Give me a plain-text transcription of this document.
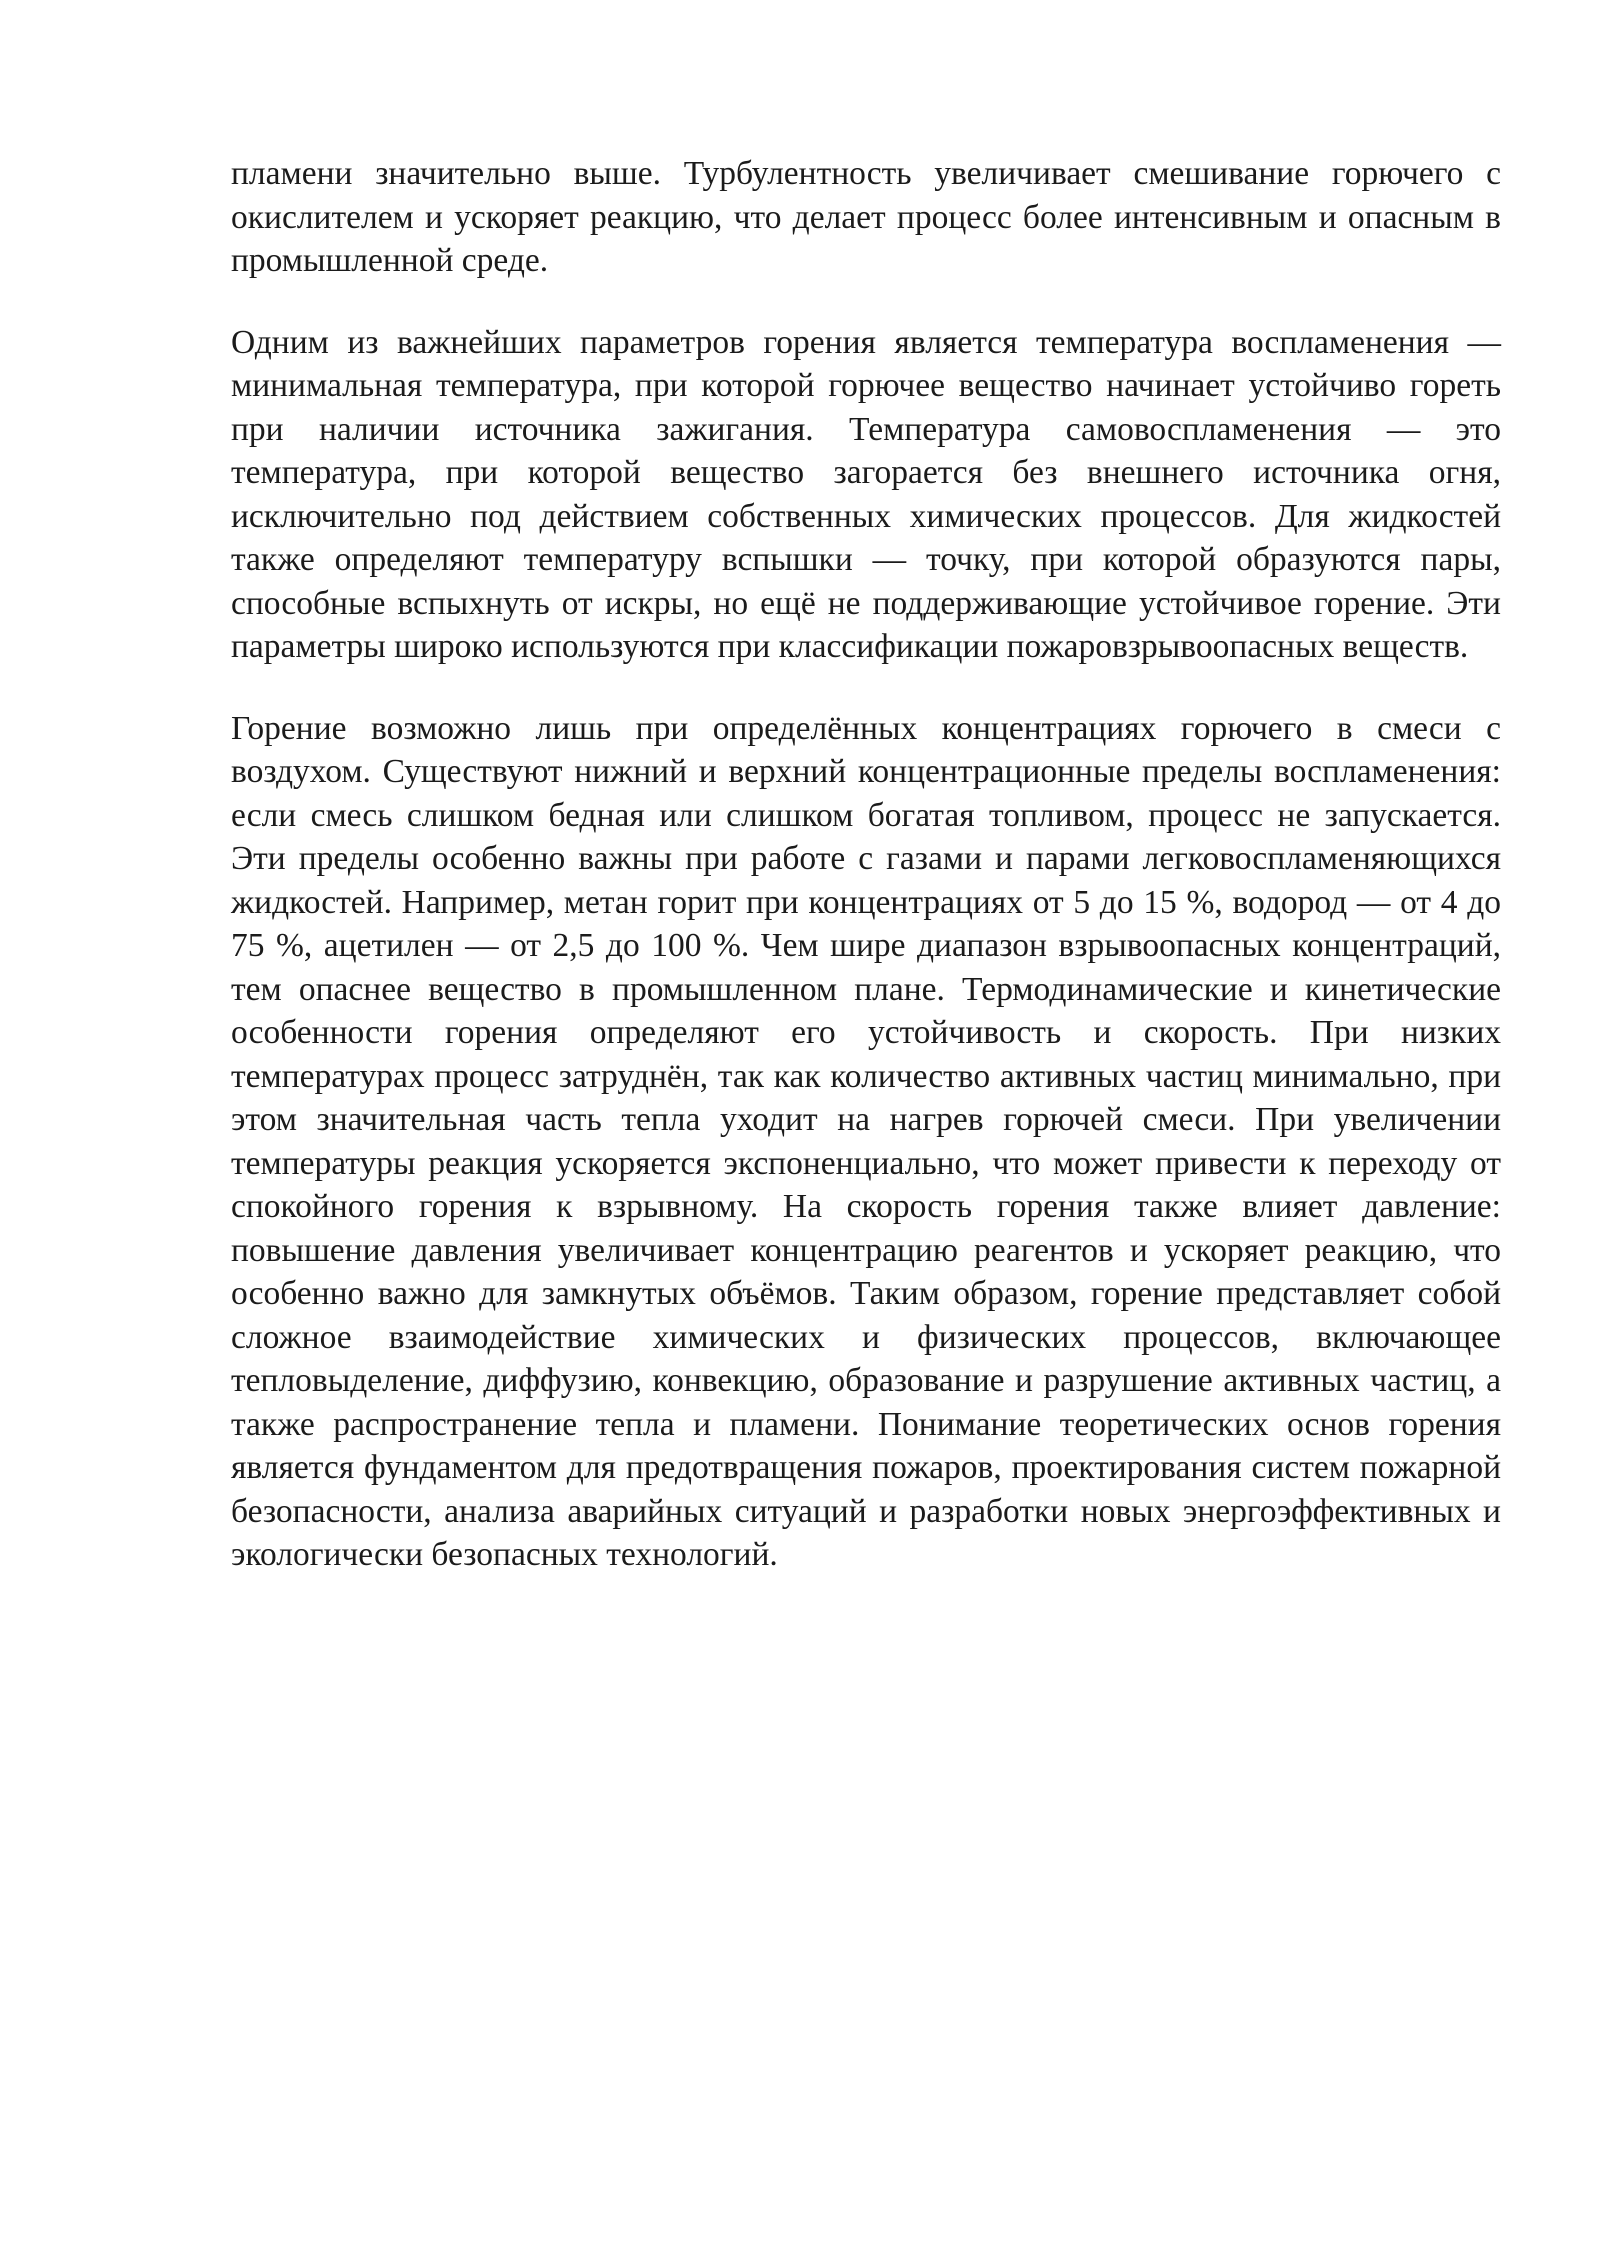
пламени значительно выше. Турбулентность увеличивает смешивание горючего с окислителем и ускоряет реакцию, что делает процесс более интенсивным и опасным в промышленной среде.

Одним из важнейших параметров горения является температура воспламенения — минимальная температура, при которой горючее вещество начинает устойчиво гореть при наличии источника зажигания. Температура самовоспламенения — это температура, при которой вещество загорается без внешнего источника огня, исключительно под действием собственных химических процессов. Для жидкостей также определяют температуру вспышки — точку, при которой образуются пары, способные вспыхнуть от искры, но ещё не поддерживающие устойчивое горение. Эти параметры широко используются при классификации пожаровзрывоопасных веществ.

Горение возможно лишь при определённых концентрациях горючего в смеси с воздухом. Существуют нижний и верхний концентрационные пределы воспламенения: если смесь слишком бедная или слишком богатая топливом, процесс не запускается. Эти пределы особенно важны при работе с газами и парами легковоспламеняющихся жидкостей. Например, метан горит при концентрациях от 5 до 15 %, водород — от 4 до 75 %, ацетилен — от 2,5 до 100 %. Чем шире диапазон взрывоопасных концентраций, тем опаснее вещество в промышленном плане. Термодинамические и кинетические особенности горения определяют его устойчивость и скорость. При низких температурах процесс затруднён, так как количество активных частиц минимально, при этом значительная часть тепла уходит на нагрев горючей смеси. При увеличении температуры реакция ускоряется экспоненциально, что может привести к переходу от спокойного горения к взрывному. На скорость горения также влияет давление: повышение давления увеличивает концентрацию реагентов и ускоряет реакцию, что особенно важно для замкнутых объёмов. Таким образом, горение представляет собой сложное взаимодействие химических и физических процессов, включающее тепловыделение, диффузию, конвекцию, образование и разрушение активных частиц, а также распространение тепла и пламени. Понимание теоретических основ горения является фундаментом для предотвращения пожаров, проектирования систем пожарной безопасности, анализа аварийных ситуаций и разработки новых энергоэффективных и экологически безопасных технологий.
